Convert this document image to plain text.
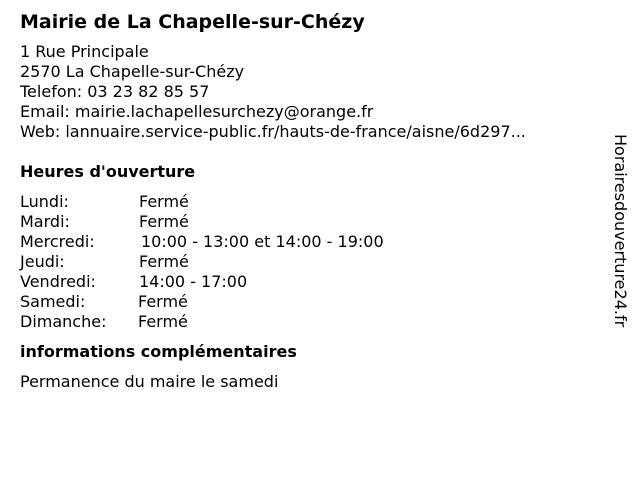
Mairie de La Chapelle-sur-Chézy
1 Rue Principale
2570 La Chapelle-sur-Chézy
Telefon: 03 23 82 85 57
Email: mairie.lachapellesurchezy@orange.fr
Web: lannuaire.service-public.fr/hauts-de-france/aisne/6d297...
Heures d'ouverture
Lundi:	Fermé
Mardi:	Fermé
Mercredi:	10:00 - 13:00 et 14:00 - 19:00
Jeudi:	Fermé
Vendredi:	14:00 - 17:00
Samedi:	Fermé
Dimanche:	Fermé
informations complémentaires
Permanence du maire le samedi
Horairesdouverture24.fr
